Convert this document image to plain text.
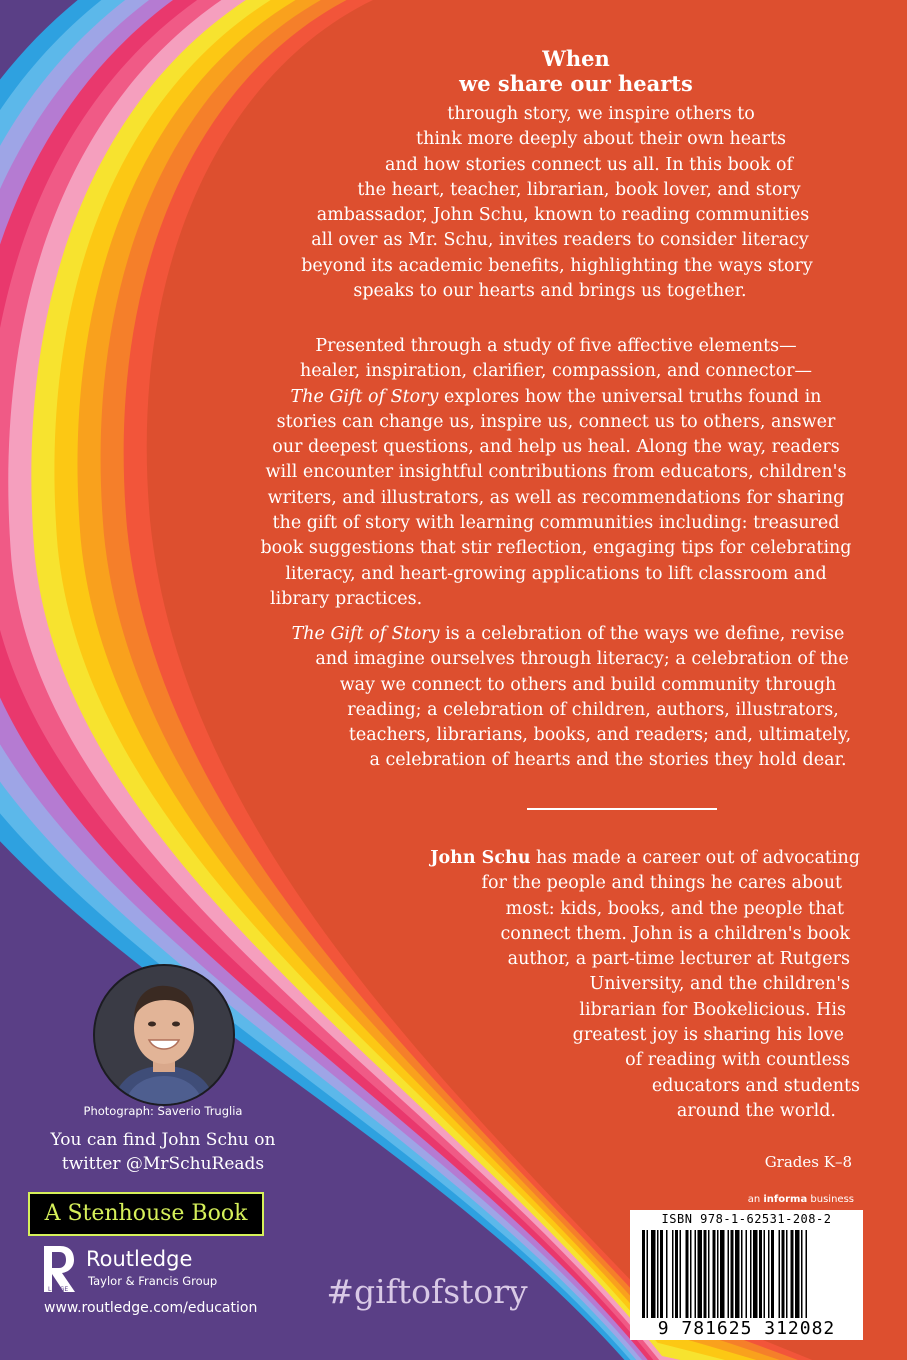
When
we share our hearts
through story, we inspire others to
think more deeply about their own hearts
and how stories connect us all. In this book of
the heart, teacher, librarian, book lover, and story
ambassador, John Schu, known to reading communities
all over as Mr. Schu, invites readers to consider literacy
beyond its academic benefits, highlighting the ways story
speaks to our hearts and brings us together.
Presented through a study of five affective elements—
healer, inspiration, clarifier, compassion, and connector—
The Gift of Story explores how the universal truths found in
stories can change us, inspire us, connect us to others, answer
our deepest questions, and help us heal. Along the way, readers
will encounter insightful contributions from educators, children's
writers, and illustrators, as well as recommendations for sharing
the gift of story with learning communities including: treasured
book suggestions that stir reflection, engaging tips for celebrating
literacy, and heart-growing applications to lift classroom and
library practices.
The Gift of Story is a celebration of the ways we define, revise
and imagine ourselves through literacy; a celebration of the
way we connect to others and build community through
reading; a celebration of children, authors, illustrators,
teachers, librarians, books, and readers; and, ultimately,
a celebration of hearts and the stories they hold dear.
John Schu has made a career out of advocating
for the people and things he cares about
most: kids, books, and the people that
connect them. John is a children's book
author, a part-time lecturer at Rutgers
University, and the children's
librarian for Bookelicious. His
greatest joy is sharing his love
of reading with countless
educators and students
around the world.
Grades K–8
Photograph: Saverio Truglia
You can find John Schu on
twitter @MrSchuReads
A Stenhouse Book
LEDGE
Routledge
Taylor & Francis Group
www.routledge.com/education #giftofstory
an informa business
ISBN 978-1-62531-208-2
9 781625 312082
